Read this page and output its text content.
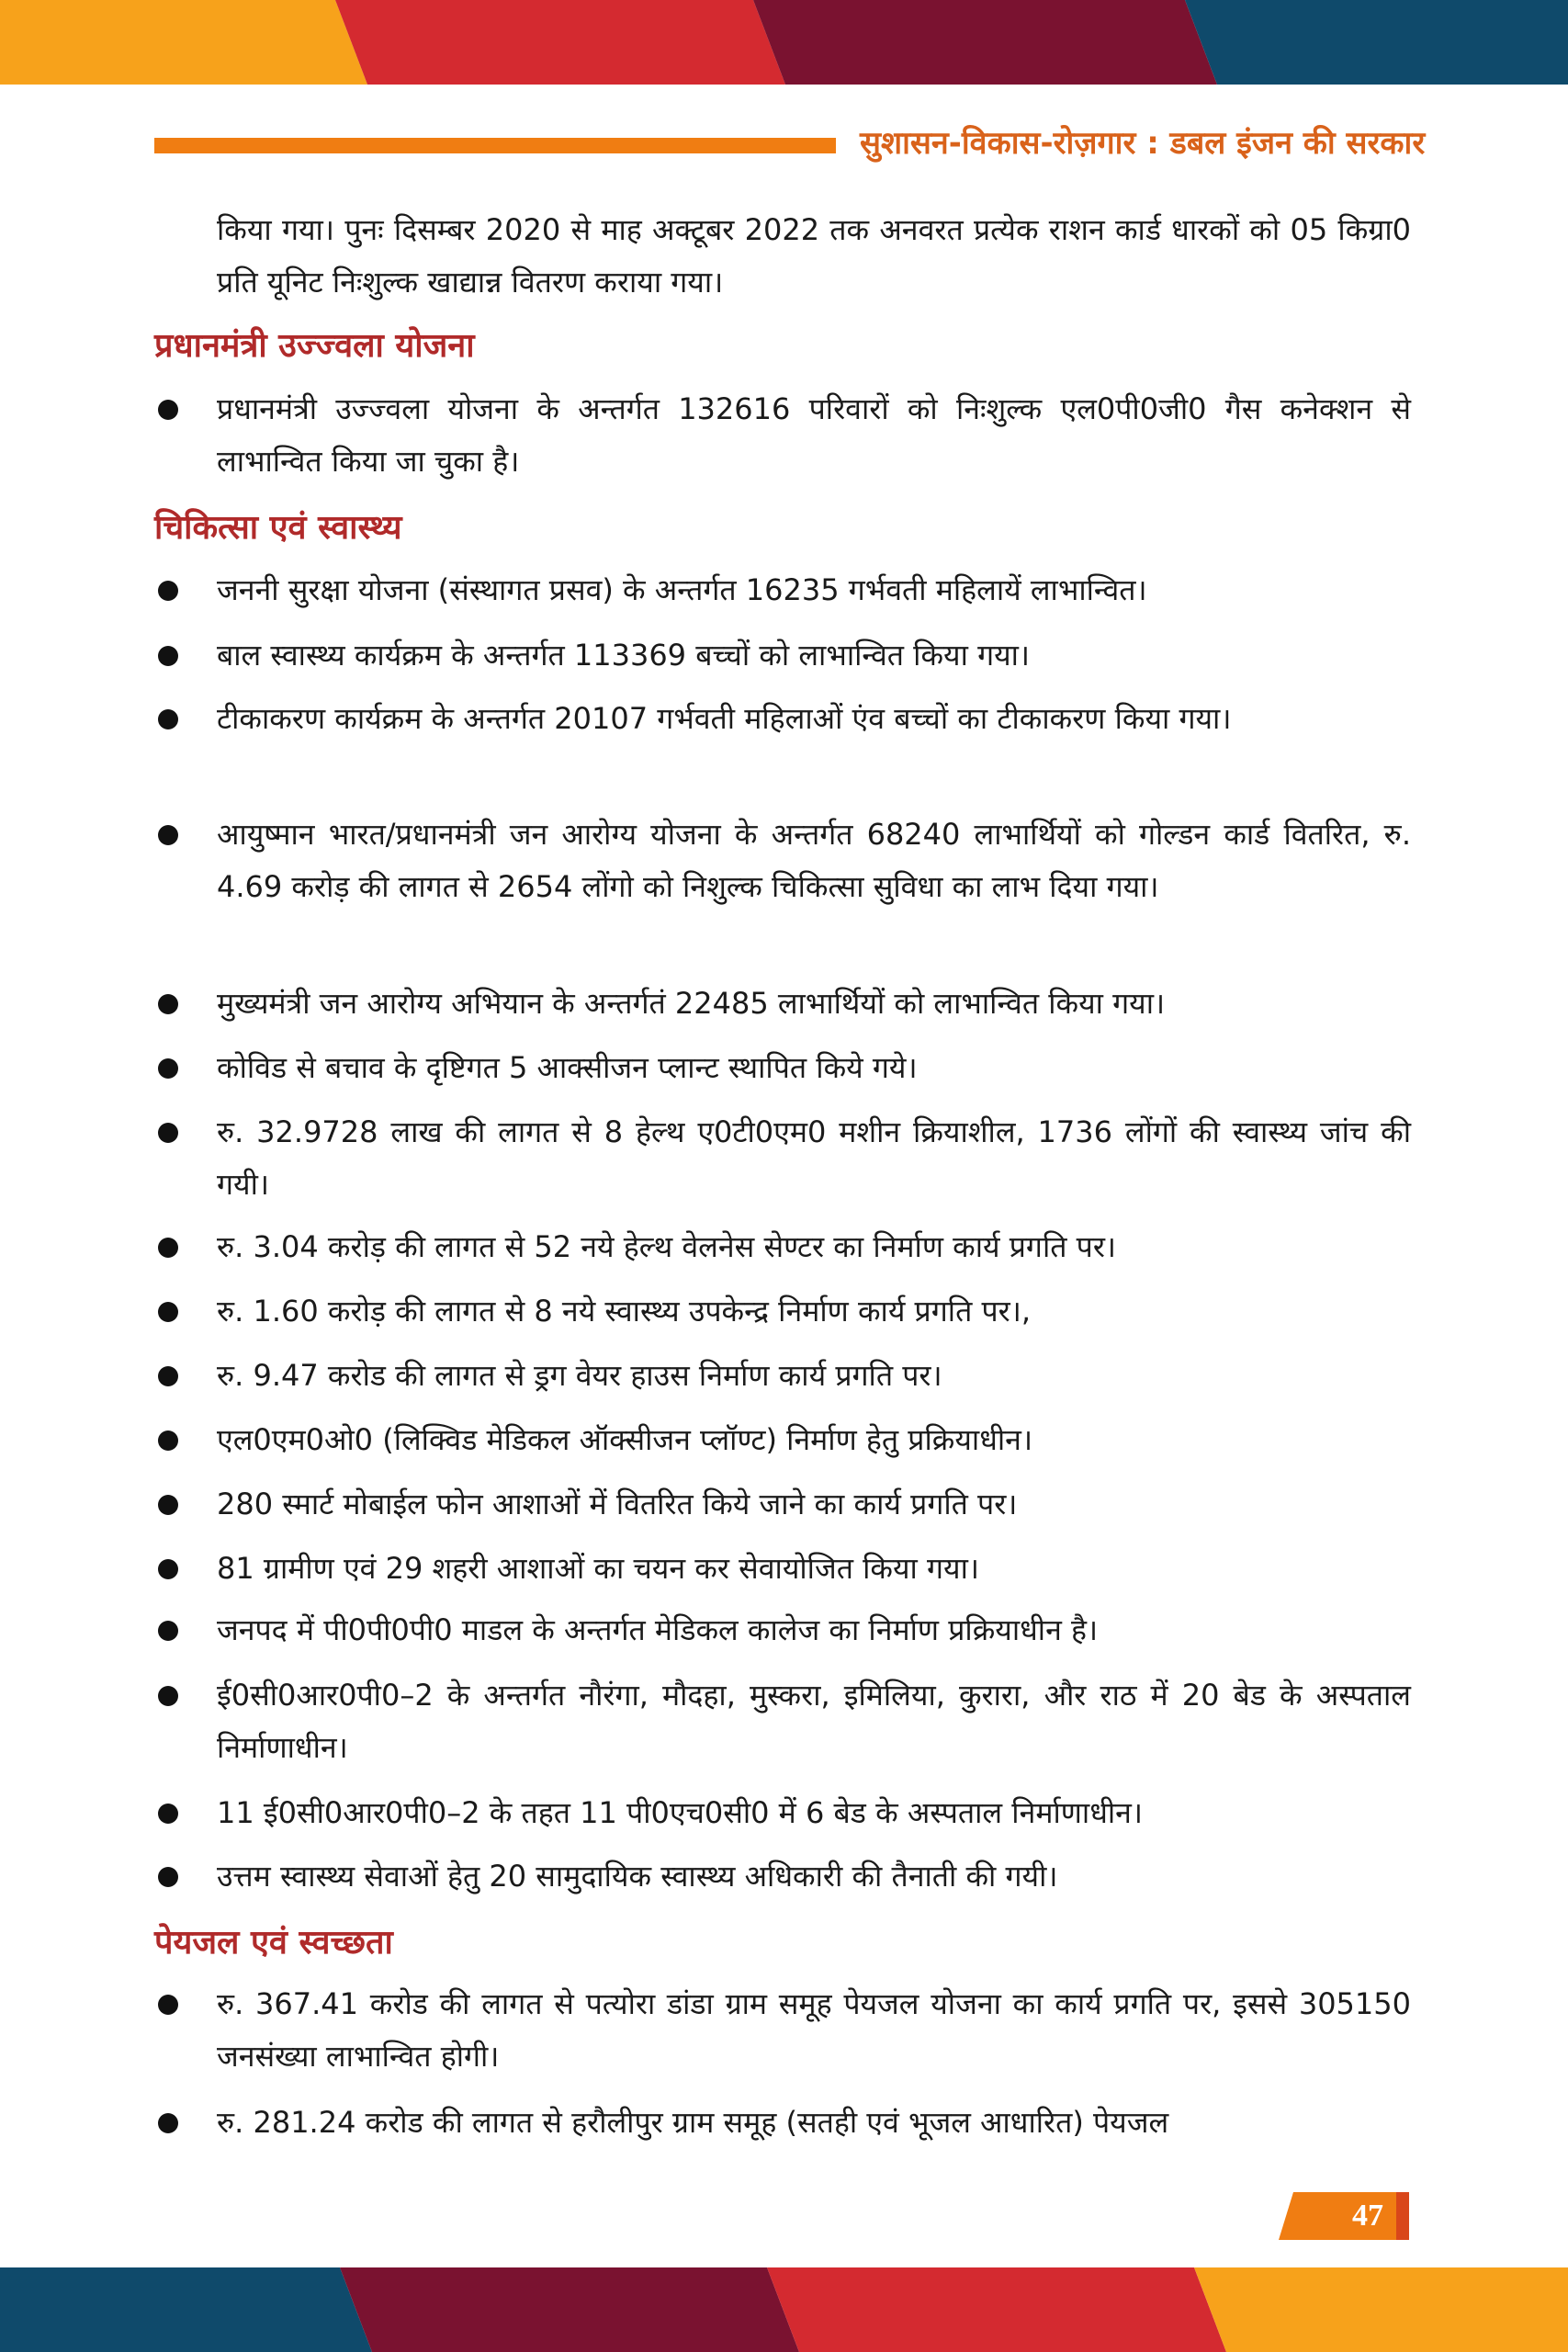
सुशासन-विकास-रोज़गार : डबल इंजन की सरकार
किया गया। पुनः दिसम्बर 2020 से माह अक्टूबर 2022 तक अनवरत प्रत्येक राशन कार्ड धारकों को 05 किग्रा0 प्रति यूनिट निःशुल्क खाद्यान्न वितरण कराया गया।
प्रधानमंत्री उज्ज्वला योजना
प्रधानमंत्री उज्ज्वला योजना के अन्तर्गत 132616 परिवारों को निःशुल्क एल0पी0जी0 गैस कनेक्शन से लाभान्वित किया जा चुका है।
चिकित्सा एवं स्वास्थ्य
जननी सुरक्षा योजना (संस्थागत प्रसव) के अन्तर्गत 16235 गर्भवती महिलायें लाभान्वित।
बाल स्वास्थ्य कार्यक्रम के अन्तर्गत 113369 बच्चों को लाभान्वित किया गया।
टीकाकरण कार्यक्रम के अन्तर्गत 20107 गर्भवती महिलाओं एंव बच्चों का टीकाकरण किया गया।
आयुष्मान भारत/प्रधानमंत्री जन आरोग्य योजना के अन्तर्गत 68240 लाभार्थियों को गोल्डन कार्ड वितरित, रु. 4.69 करोड़ की लागत से 2654 लोंगो को निशुल्क चिकित्सा सुविधा का लाभ दिया गया।
मुख्यमंत्री जन आरोग्य अभियान के अन्तर्गतं 22485 लाभार्थियों को लाभान्वित किया गया।
कोविड से बचाव के दृष्टिगत 5 आक्सीजन प्लान्ट स्थापित किये गये।
रु. 32.9728 लाख की लागत से 8 हेल्थ ए0टी0एम0 मशीन क्रियाशील, 1736 लोंगों की स्वास्थ्य जांच की गयी।
रु. 3.04 करोड़ की लागत से 52 नये हेल्थ वेलनेस सेण्टर का निर्माण कार्य प्रगति पर।
रु. 1.60 करोड़ की लागत से 8 नये स्वास्थ्य उपकेन्द्र निर्माण कार्य प्रगति पर।,
रु. 9.47 करोड की लागत से ड्रग वेयर हाउस निर्माण कार्य प्रगति पर।
एल0एम0ओ0 (लिक्विड मेडिकल ऑक्सीजन प्लॉण्ट) निर्माण हेतु प्रक्रियाधीन।
280 स्मार्ट मोबाईल फोन आशाओं में वितरित किये जाने का कार्य प्रगति पर।
81 ग्रामीण एवं 29 शहरी आशाओं का चयन कर सेवायोजित किया गया।
जनपद में पी0पी0पी0 माडल के अन्तर्गत मेडिकल कालेज का निर्माण प्रक्रियाधीन है।
ई0सी0आर0पी0–2 के अन्तर्गत नौरंगा, मौदहा, मुस्करा, इमिलिया, कुरारा, और राठ में 20 बेड के अस्पताल निर्माणाधीन।
11 ई0सी0आर0पी0–2 के तहत 11 पी0एच0सी0 में 6 बेड के अस्पताल निर्माणाधीन।
उत्तम स्वास्थ्य सेवाओं हेतु 20 सामुदायिक स्वास्थ्य अधिकारी की तैनाती की गयी।
पेयजल एवं स्वच्छता
रु. 367.41 करोड की लागत से पत्योरा डांडा ग्राम समूह पेयजल योजना का कार्य प्रगति पर, इससे 305150 जनसंख्या लाभान्वित होगी।
रु. 281.24 करोड की लागत से हरौलीपुर ग्राम समूह (सतही एवं भूजल आधारित) पेयजल
47
